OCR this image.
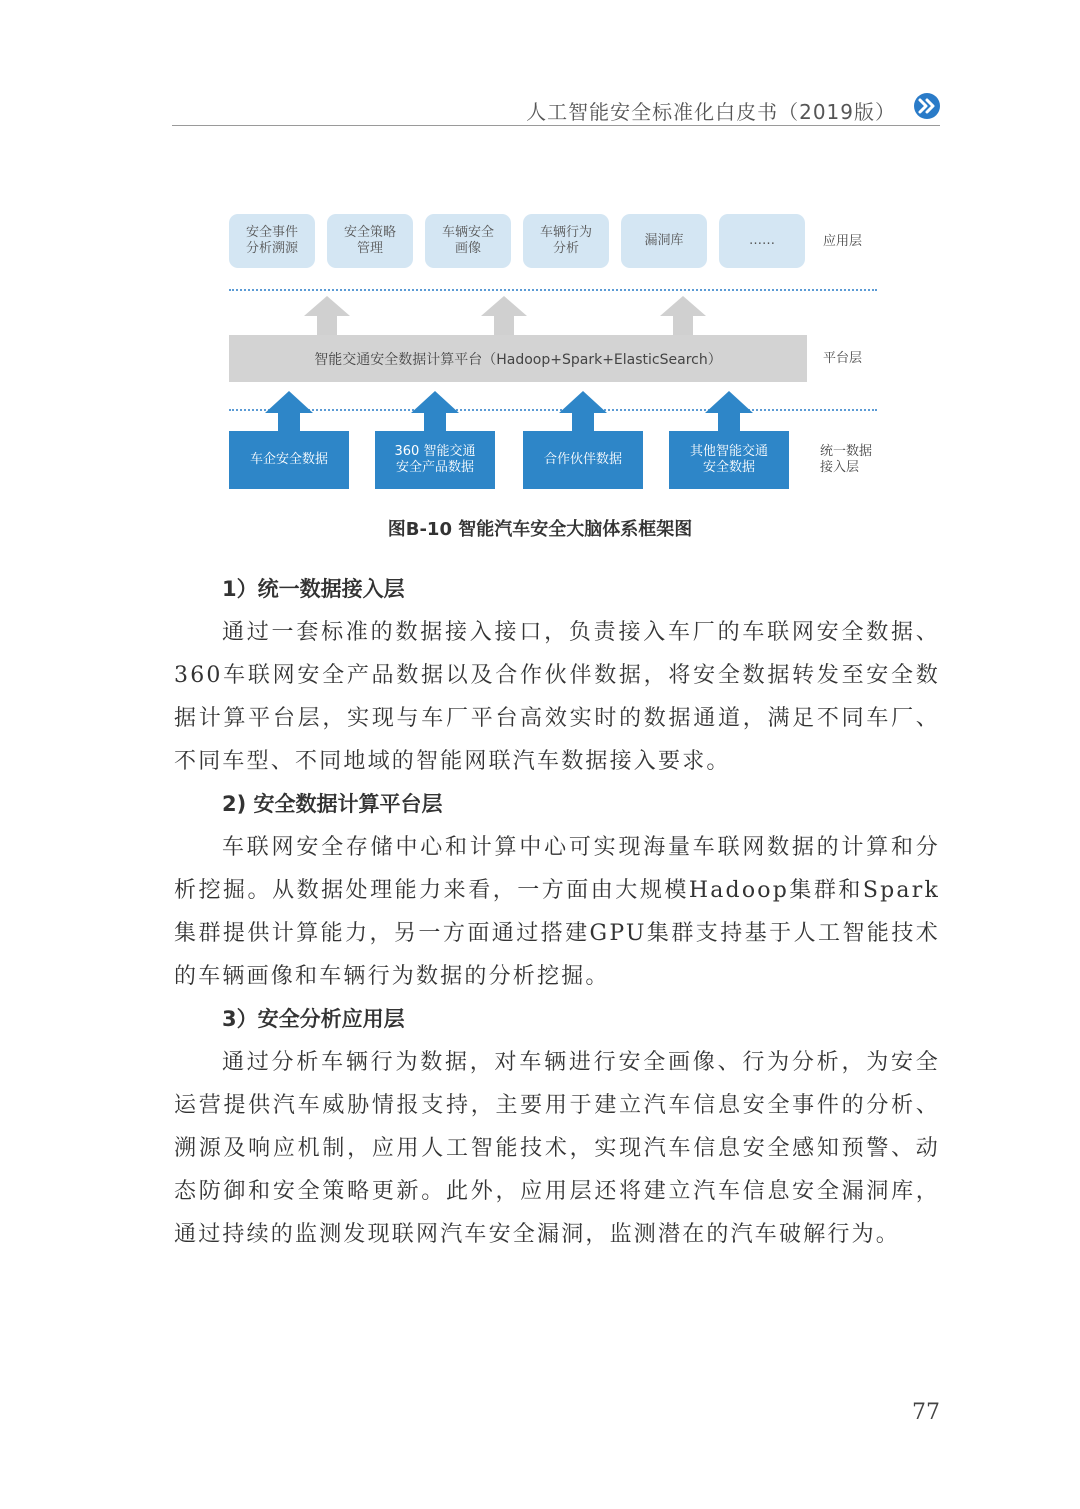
人工智能安全标准化白皮书（2019版）
安全事件
分析溯源
安全策略
管理
车辆安全
画像
车辆行为
分析
漏洞库	……	应用层
智能交通安全数据计算平台（Hadoop+Spark+ElasticSearch）	平台层
车企安全数据
360 智能交通
安全产品数据
合作伙伴数据
其他智能交通
安全数据
统一数据
接入层
图B-10 智能汽车安全大脑体系框架图
1）统一数据接入层

通过一套标准的数据接入接口，负责接入车厂的车联网安全数据、360车联网安全产品数据以及合作伙伴数据，将安全数据转发至安全数据计算平台层，实现与车厂平台高效实时的数据通道，满足不同车厂、不同车型、不同地域的智能网联汽车数据接入要求。

2) 安全数据计算平台层

车联网安全存储中心和计算中心可实现海量车联网数据的计算和分析挖掘。从数据处理能力来看，一方面由大规模Hadoop集群和Spark集群提供计算能力，另一方面通过搭建GPU集群支持基于人工智能技术的车辆画像和车辆行为数据的分析挖掘。

3）安全分析应用层

通过分析车辆行为数据，对车辆进行安全画像、行为分析，为安全运营提供汽车威胁情报支持，主要用于建立汽车信息安全事件的分析、溯源及响应机制，应用人工智能技术，实现汽车信息安全感知预警、动态防御和安全策略更新。此外，应用层还将建立汽车信息安全漏洞库，通过持续的监测发现联网汽车安全漏洞，监测潜在的汽车破解行为。

77
